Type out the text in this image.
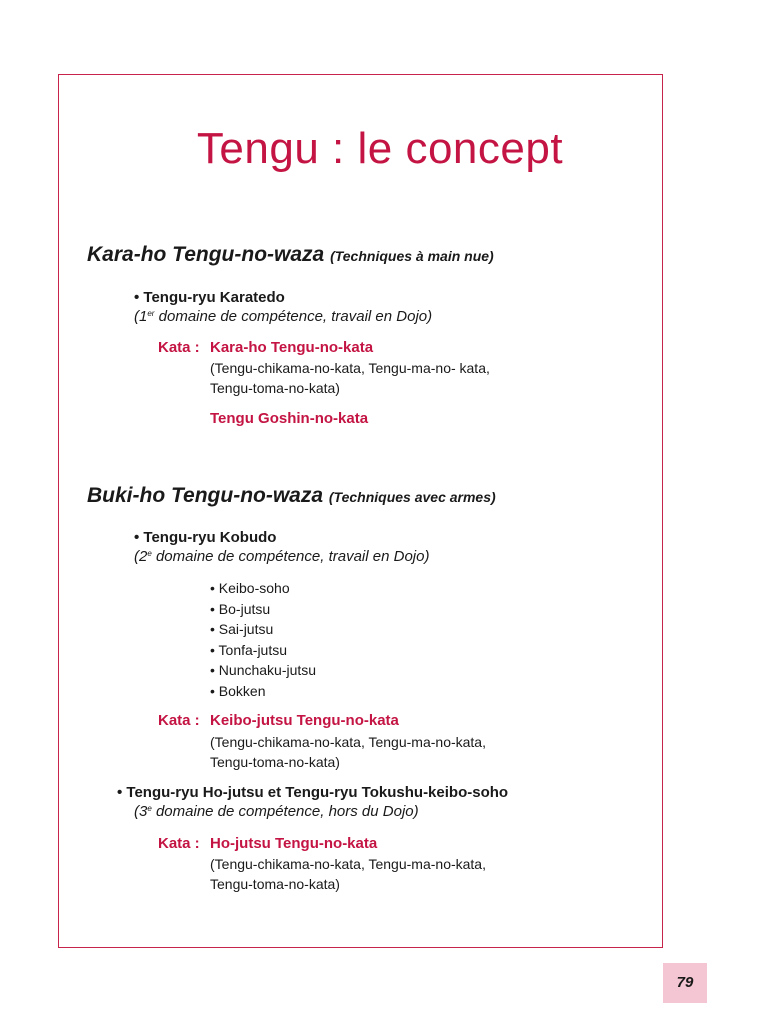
Tengu : le concept
Kara-ho Tengu-no-waza (Techniques à main nue)
• Tengu-ryu Karatedo
(1er domaine de compétence, travail en Dojo)
Kata : Kara-ho Tengu-no-kata
(Tengu-chikama-no-kata, Tengu-ma-no- kata,
Tengu-toma-no-kata)
Tengu Goshin-no-kata
Buki-ho Tengu-no-waza (Techniques avec armes)
• Tengu-ryu Kobudo
(2e domaine de compétence, travail en Dojo)
• Keibo-soho
• Bo-jutsu
• Sai-jutsu
• Tonfa-jutsu
• Nunchaku-jutsu
• Bokken
Kata : Keibo-jutsu Tengu-no-kata
(Tengu-chikama-no-kata, Tengu-ma-no-kata,
Tengu-toma-no-kata)
• Tengu-ryu Ho-jutsu et Tengu-ryu Tokushu-keibo-soho
(3e domaine de compétence, hors du Dojo)
Kata : Ho-jutsu Tengu-no-kata
(Tengu-chikama-no-kata, Tengu-ma-no-kata,
Tengu-toma-no-kata)
79
